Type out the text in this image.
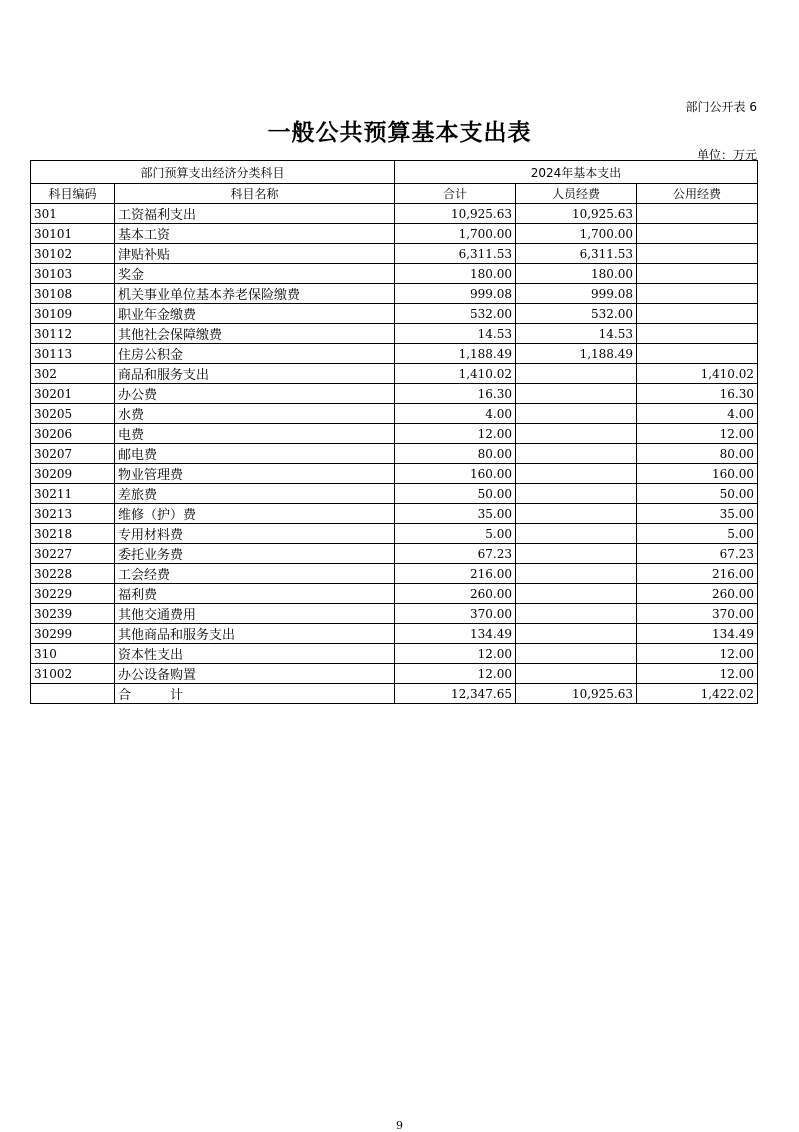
部门公开表 6
一般公共预算基本支出表
单位：万元
部门预算支出经济分类科目		2024年基本支出		
科目编码	科目名称	合计	人员经费	公用经费
301	工资福利支出	10,925.63	10,925.63	
30101	基本工资	1,700.00	1,700.00	
30102	津贴补贴	6,311.53	6,311.53	
30103	奖金	180.00	180.00	
30108	机关事业单位基本养老保险缴费	999.08	999.08	
30109	职业年金缴费	532.00	532.00	
30112	其他社会保障缴费	14.53	14.53	
30113	住房公积金	1,188.49	1,188.49	
302	商品和服务支出	1,410.02		1,410.02
30201	办公费	16.30		16.30
30205	水费	4.00		4.00
30206	电费	12.00		12.00
30207	邮电费	80.00		80.00
30209	物业管理费	160.00		160.00
30211	差旅费	50.00		50.00
30213	维修（护）费	35.00		35.00
30218	专用材料费	5.00		5.00
30227	委托业务费	67.23		67.23
30228	工会经费	216.00		216.00
30229	福利费	260.00		260.00
30239	其他交通费用	370.00		370.00
30299	其他商品和服务支出	134.49		134.49
310	资本性支出	12.00		12.00
31002	办公设备购置	12.00		12.00
	合　　　计	12,347.65	10,925.63	1,422.02
9
